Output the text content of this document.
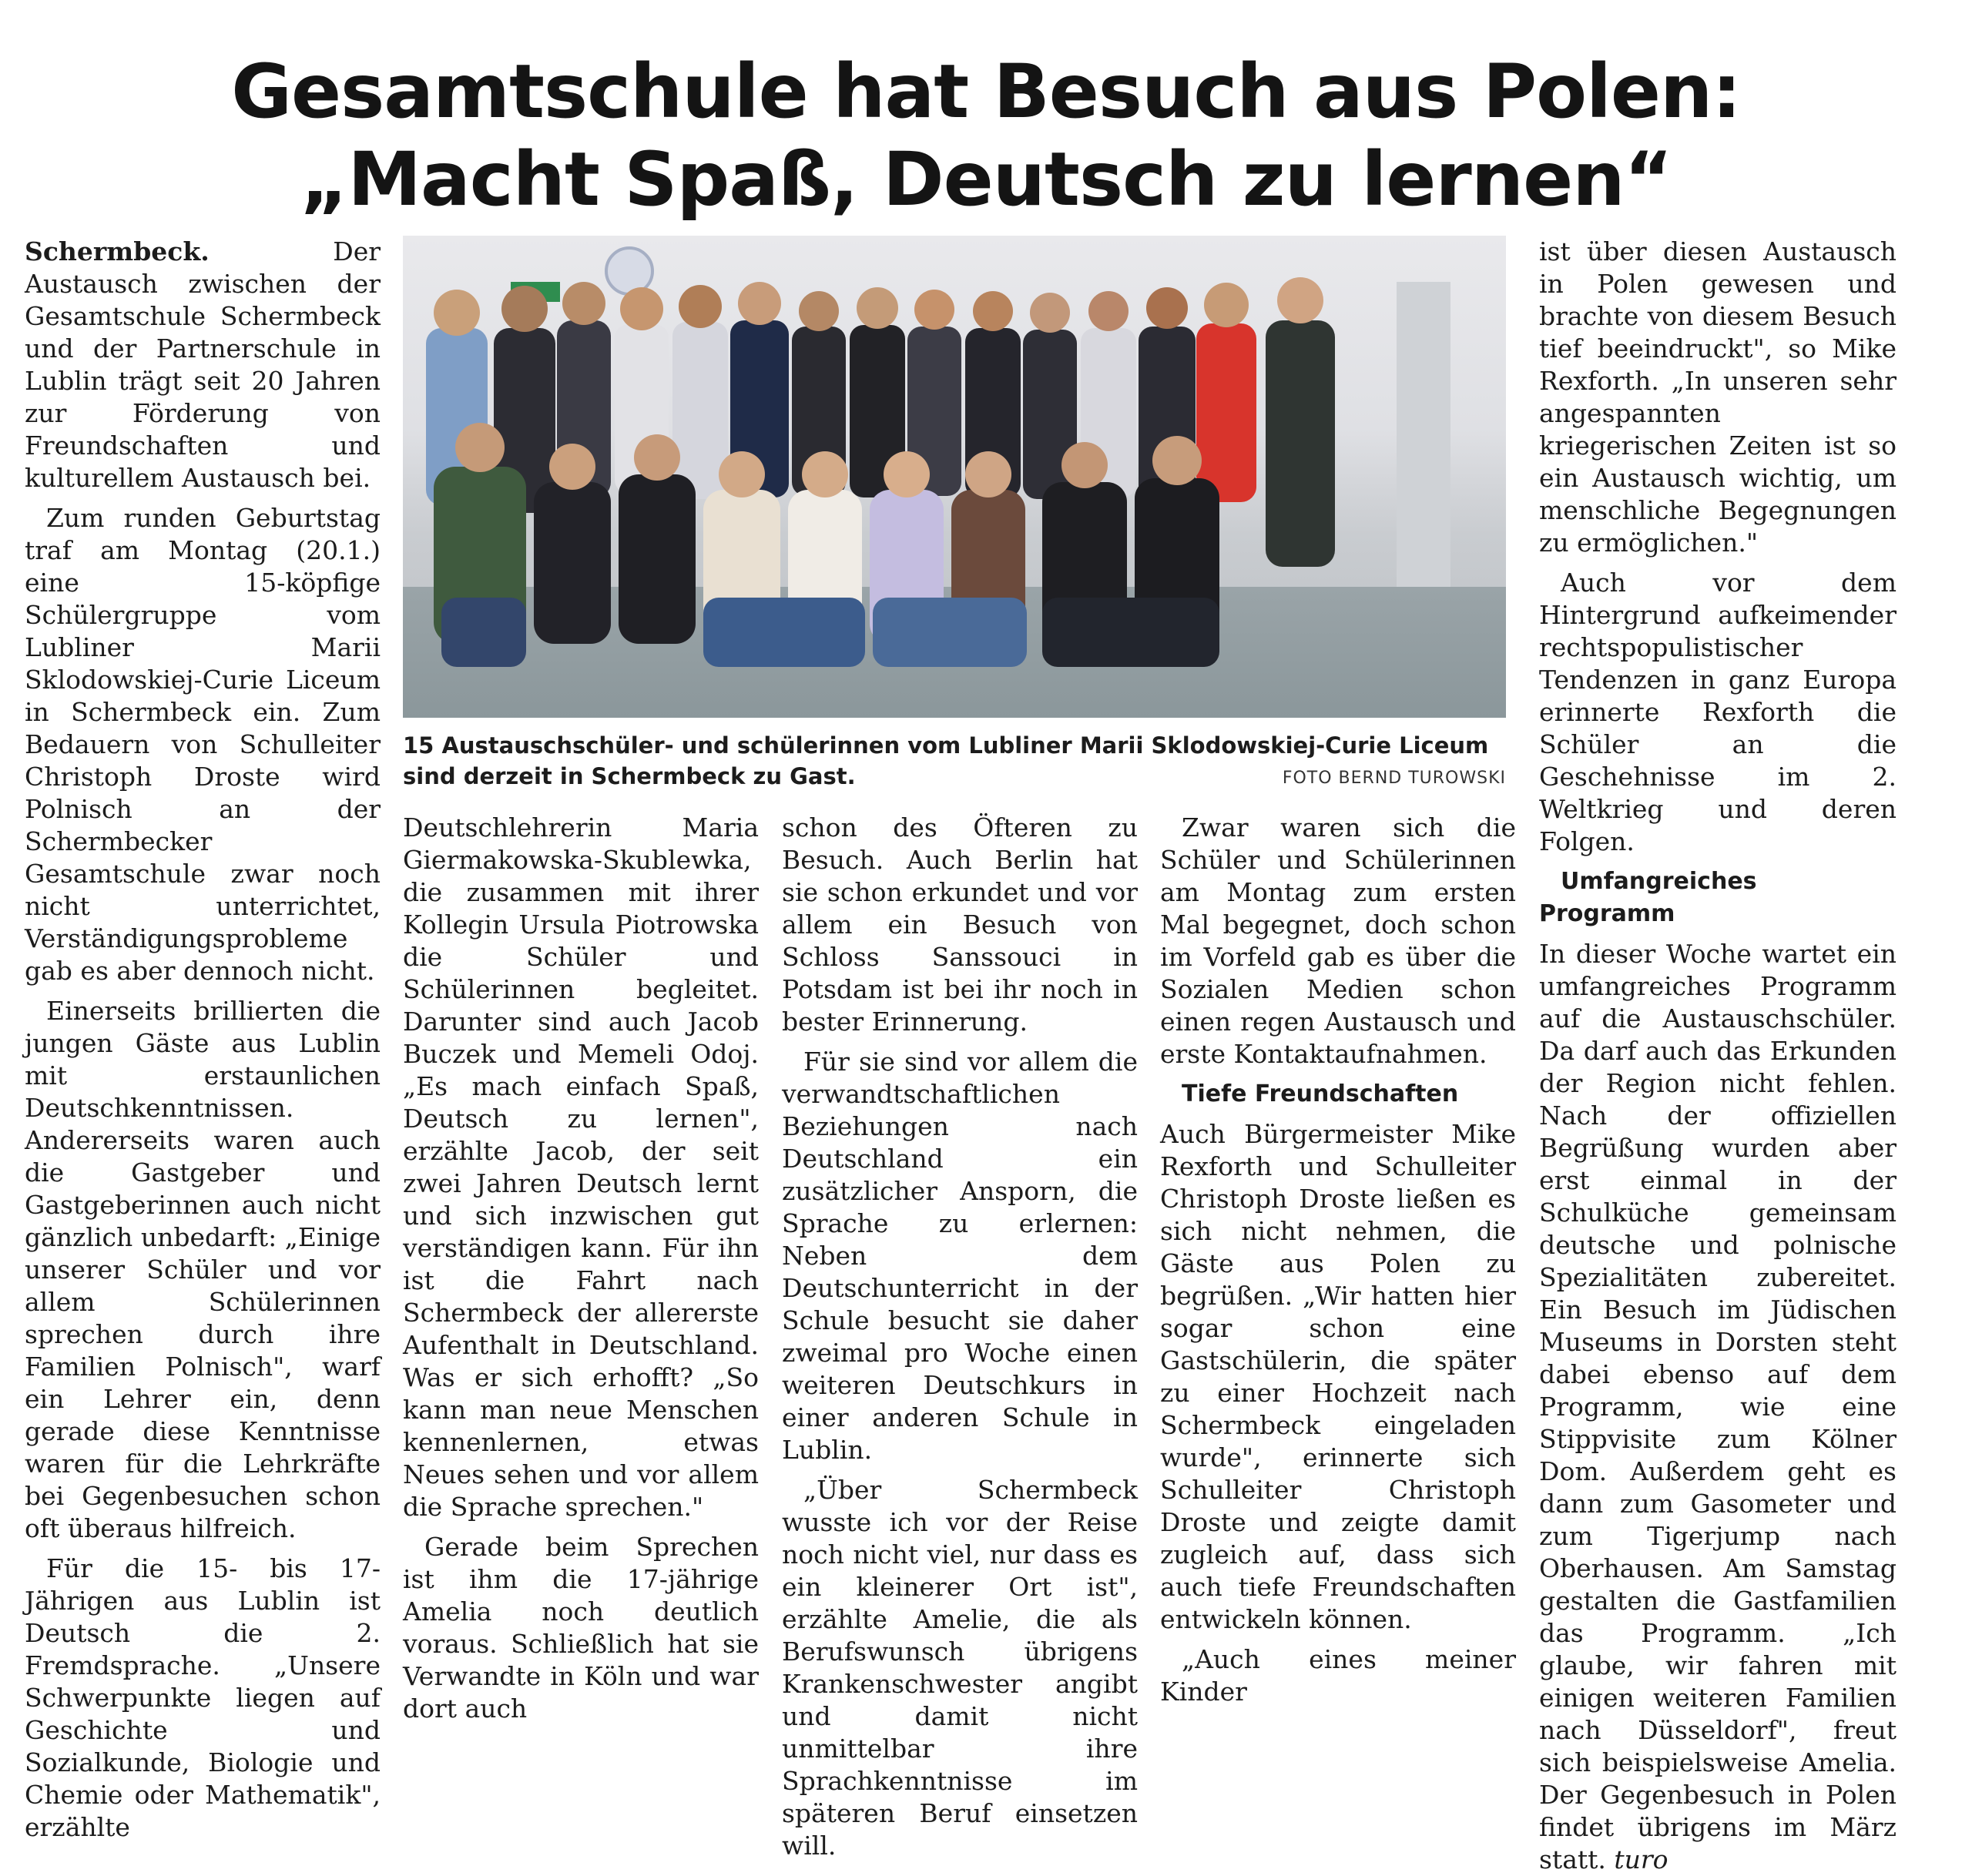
Gesamtschule hat Besuch aus Polen:
„Macht Spaß, Deutsch zu lernen“

Schermbeck.	Der Austausch zwischen der Gesamtschule Schermbeck und der Partnerschule in Lublin trägt seit 20 Jahren zur Förderung von Freundschaften und kulturellem Austausch bei.

Zum runden Geburtstag traf am Montag (20.1.) eine 15-köpfige Schülergruppe vom Lubliner Marii Sklodowskiej-Curie Liceum in Schermbeck ein. Zum Bedauern von Schulleiter Christoph Droste wird Polnisch an der Schermbecker Gesamtschule zwar noch nicht unterrichtet, Verständigungsprobleme gab es aber dennoch nicht.

Einerseits brillierten die jungen Gäste aus Lublin mit erstaunlichen Deutschkenntnissen. Andererseits waren auch die Gastgeber und Gastgeberinnen auch nicht gänzlich unbedarft: „Einige unserer Schüler und vor allem Schülerinnen sprechen durch ihre Familien Polnisch", warf ein Lehrer ein, denn gerade diese Kenntnisse waren für die Lehrkräfte bei Gegenbesuchen schon oft überaus hilfreich.

Für die 15- bis 17-Jährigen aus Lublin ist Deutsch die 2. Fremdsprache. „Unsere Schwerpunkte liegen auf Geschichte und Sozialkunde, Biologie und Chemie oder Mathematik", erzählte

15 Austauschschüler- und schülerinnen vom Lubliner Marii Sklodowskiej-Curie Liceum sind derzeit in Schermbeck zu Gast.	FOTO BERND TUROWSKI

Deutschlehrerin Maria Giermakowska-Skublewka, die zusammen mit ihrer Kollegin Ursula Piotrowska die Schüler und Schülerinnen begleitet. Darunter sind auch Jacob Buczek und Memeli Odoj. „Es mach einfach Spaß, Deutsch zu lernen", erzählte Jacob, der seit zwei Jahren Deutsch lernt und sich inzwischen gut verständigen kann. Für ihn ist die Fahrt nach Schermbeck der allererste Aufenthalt in Deutschland. Was er sich erhofft? „So kann man neue Menschen kennenlernen, etwas Neues sehen und vor allem die Sprache sprechen."

Gerade beim Sprechen ist ihm die 17-jährige Amelia noch deutlich voraus. Schließlich hat sie Verwandte in Köln und war dort auch

schon des Öfteren zu Besuch. Auch Berlin hat sie schon erkundet und vor allem ein Besuch von Schloss Sanssouci in Potsdam ist bei ihr noch in bester Erinnerung.

Für sie sind vor allem die verwandtschaftlichen Beziehungen nach Deutschland ein zusätzlicher Ansporn, die Sprache zu erlernen: Neben dem Deutschunterricht in der Schule besucht sie daher zweimal pro Woche einen weiteren Deutschkurs in einer anderen Schule in Lublin.

„Über Schermbeck wusste ich vor der Reise noch nicht viel, nur dass es ein kleinerer Ort ist", erzählte Amelie, die als Berufswunsch übrigens Krankenschwester angibt und damit nicht unmittelbar ihre Sprachkenntnisse im späteren Beruf einsetzen will.

Zwar waren sich die Schüler und Schülerinnen am Montag zum ersten Mal begegnet, doch schon im Vorfeld gab es über die Sozialen Medien schon einen regen Austausch und erste Kontaktaufnahmen.

Tiefe Freundschaften

Auch Bürgermeister Mike Rexforth und Schulleiter Christoph Droste ließen es sich nicht nehmen, die Gäste aus Polen zu begrüßen. „Wir hatten hier sogar schon eine Gastschülerin, die später zu einer Hochzeit nach Schermbeck eingeladen wurde", erinnerte sich Schulleiter Christoph Droste und zeigte damit zugleich auf, dass sich auch tiefe Freundschaften entwickeln können.

„Auch eines meiner Kinder

ist über diesen Austausch in Polen gewesen und brachte von diesem Besuch tief beeindruckt", so Mike Rexforth. „In unseren sehr angespannten kriegerischen Zeiten ist so ein Austausch wichtig, um menschliche Begegnungen zu ermöglichen."

Auch vor dem Hintergrund aufkeimender rechtspopulistischer Tendenzen in ganz Europa erinnerte Rexforth die Schüler an die Geschehnisse im 2. Weltkrieg und deren Folgen.

Umfangreiches Programm

In dieser Woche wartet ein umfangreiches Programm auf die Austauschschüler. Da darf auch das Erkunden der Region nicht fehlen. Nach der offiziellen Begrüßung wurden aber erst einmal in der Schulküche gemeinsam deutsche und polnische Spezialitäten zubereitet. Ein Besuch im Jüdischen Museums in Dorsten steht dabei ebenso auf dem Programm, wie eine Stippvisite zum Kölner Dom. Außerdem geht es dann zum Gasometer und zum Tigerjump nach Oberhausen. Am Samstag gestalten die Gastfamilien das Programm. „Ich glaube, wir fahren mit einigen weiteren Familien nach Düsseldorf", freut sich beispielsweise Amelia. Der Gegenbesuch in Polen findet übrigens im März statt. turo
